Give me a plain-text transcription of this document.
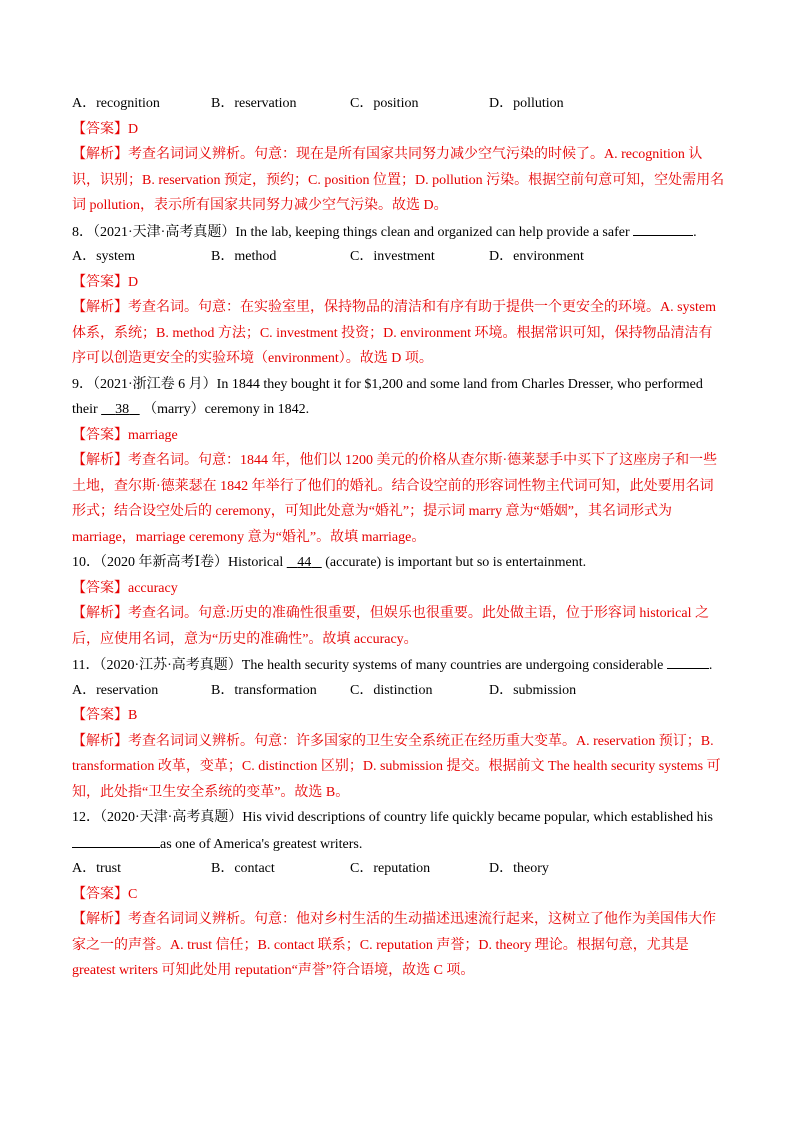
A．recognition	B．reservation	C．position	D．pollution
【答案】D
【解析】考查名词词义辨析。句意：现在是所有国家共同努力减少空气污染的时候了。A. recognition 认
识，识别；B. reservation 预定，预约；C. position 位置；D. pollution 污染。根据空前句意可知，空处需用名
词 pollution，表示所有国家共同努力减少空气污染。故选 D。
8．（2021·天津·高考真题）In the lab, keeping things clean and organized can help provide a safer	.
A．system	B．method	C．investment	D．environment
【答案】D
【解析】考查名词。句意：在实验室里，保持物品的清洁和有序有助于提供一个更安全的环境。A. system
体系，系统；B. method 方法；C. investment 投资；D. environment 环境。根据常识可知，保持物品清洁有
序可以创造更安全的实验环境（environment）。故选 D 项。
9．（2021·浙江卷 6 月）In 1844 they bought it for $1,200 and some land from Charles Dresser, who performed
their     38    （marry）ceremony in 1842.
【答案】marriage
【解析】考查名词。句意：1844 年，他们以 1200 美元的价格从查尔斯·德莱瑟手中买下了这座房子和一些
土地，查尔斯·德莱瑟在 1842 年举行了他们的婚礼。结合设空前的形容词性物主代词可知，此处要用名词
形式；结合设空处后的 ceremony，可知此处意为“婚礼”；提示词 marry 意为“婚姻”，其名词形式为
marriage，marriage ceremony 意为“婚礼”。故填 marriage。
10．（2020 年新高考Ⅰ卷）Historical    44    (accurate) is important but so is entertainment.
【答案】accuracy
【解析】考查名词。句意:历史的准确性很重要，但娱乐也很重要。此处做主语，位于形容词 historical 之
后，应使用名词，意为“历史的准确性”。故填 accuracy。
11．（2020·江苏·高考真题）The health security systems of many countries are undergoing considerable	.
A．reservation	B．transformation C．distinction	D．submission
【答案】B
【解析】考查名词词义辨析。句意：许多国家的卫生安全系统正在经历重大变革。A. reservation 预订；B.
transformation 改革，变革；C. distinction 区别；D. submission 提交。根据前文 The health security systems 可
知，此处指“卫生安全系统的变革”。故选 B。
12．（2020·天津·高考真题）His vivid descriptions of country life quickly became popular, which established his
as one of America's greatest writers.
A．trust	B．contact	C．reputation	D．theory
【答案】C
【解析】考查名词词义辨析。句意：他对乡村生活的生动描述迅速流行起来，这树立了他作为美国伟大作
家之一的声誉。A. trust 信任；B. contact 联系；C. reputation 声誉；D. theory 理论。根据句意，尤其是
greatest writers 可知此处用 reputation“声誉”符合语境，故选 C 项。
